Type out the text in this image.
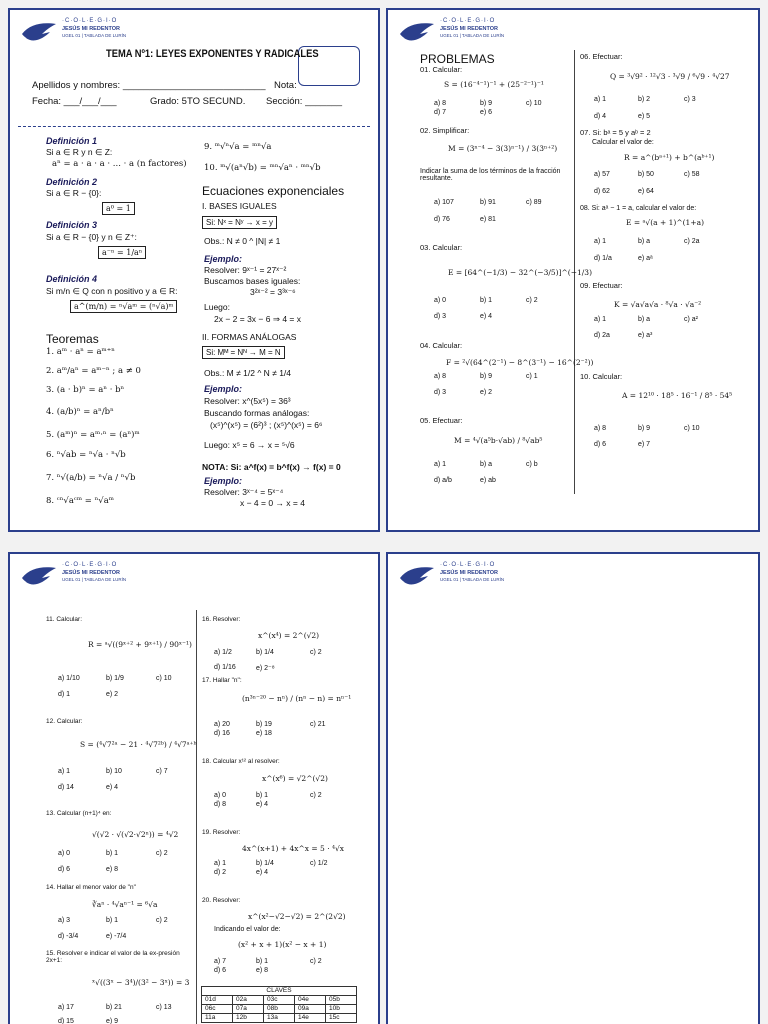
·C·O·L·E·G·I·O
JESÚS MI REDENTOR
UGEL 01 | TABLADA DE LURÍN
TEMA Nº1: LEYES EXPONENTES Y RADICALES
Apellidos y nombres: ___________________________ Nota:
Fecha: ___/___/___	Grado: 5TO SECUND. Sección: _______
Definición 1
Si a ∈ R y n ∈ Z:
aⁿ = a · a · a · ... · a (n factores)
Definición 2
Si a ∈ R − {0}:
a⁰ = 1
Definición 3
Si a ∈ R − {0} y n ∈ Z⁺:
a⁻ⁿ = 1/aⁿ
Definición 4
Si m/n ∈ Q con n positivo y a ∈ R:
a^(m/n) = ⁿ√aᵐ = (ⁿ√a)ᵐ
Teoremas
1. aᵐ · aⁿ = aᵐ⁺ⁿ
2. aᵐ/aⁿ = aᵐ⁻ⁿ ; a ≠ 0
3. (a · b)ⁿ = aⁿ · bⁿ
4. (a/b)ⁿ = aⁿ/bⁿ
5. (aᵐ)ⁿ = aᵐ·ⁿ = (aⁿ)ᵐ
6. ⁿ√ab = ⁿ√a · ⁿ√b
7. ⁿ√(a/b) = ⁿ√a / ⁿ√b
8. ᶜⁿ√aᶜᵐ = ⁿ√aᵐ
9. ᵐ√ⁿ√a = ᵐⁿ√a
10. ᵐ√(aⁿ√b) = ᵐⁿ√aⁿ · ᵐⁿ√b
Ecuaciones exponenciales
I. BASES IGUALES
Si: Nˣ = Nʸ → x = y
Obs.: N ≠ 0 ^ |N| ≠ 1
Ejemplo:
Resolver: 9ˣ⁻¹ = 27ˣ⁻²
Buscamos bases iguales:
3²ˣ⁻² = 3³ˣ⁻⁶
Luego:
2x − 2 = 3x − 6 ⇒ 4 = x
II. FORMAS ANÁLOGAS
Si: Mᴹ = Nᴺ → M = N
Obs.: M ≠ 1/2 ^ N ≠ 1/4
Ejemplo:
Resolver: x^(5x⁵) = 36³
Buscando formas análogas:
(x⁵)^(x⁵) = (6²)³ ; (x⁵)^(x⁵) = 6⁶
Luego: x⁵ = 6 → x = ⁵√6
NOTA: Si: a^f(x) = b^f(x) → f(x) = 0
Ejemplo:
Resolver: 3ˣ⁻⁴ = 5ˣ⁻⁴
x − 4 = 0 → x = 4
·C·O·L·E·G·I·O
JESÚS MI REDENTOR
UGEL 01 | TABLADA DE LURÍN
PROBLEMAS
01. Calcular:
S = (16⁻⁴⁻¹)⁻¹ + (25⁻²⁻¹)⁻¹
a) 8	b) 9	c) 10
d) 7	e) 6
02. Simplificar:
M = (3ⁿ⁻⁴ − 3(3)ⁿ⁻¹) / 3(3ⁿ⁺²)
Indicar la suma de los términos de la fracción resultante.
a) 107	b) 91	c) 89
d) 76	e) 81
03. Calcular:
E = [64^(−1/3) − 32^(−3/5)]^(−1/3)
a) 0	b) 1	c) 2
d) 3	e) 4
04. Calcular:
F = ²√(64^(2⁻¹) − 8^(3⁻¹) − 16^(2⁻²))
a) 8	b) 9	c) 1
d) 3	e) 2
05. Efectuar:
M = ⁴√(a⁵b·√ab) / ⁸√ab⁵
a) 1	b) a	c) b
d) a/b	e) ab
06. Efectuar:
Q = ³√9² · ¹²√3 · ³√9 / ⁶√9 · ⁴√27
a) 1	b) 2	c) 3
d) 4	e) 5
07. Si: bᵃ = 5 y aᵇ = 2
Calcular el valor de:
R = a^(bᵃ⁺¹) + b^(aᵇ⁺¹)
a) 57	b) 50	c) 58
d) 62	e) 64
08. Si: aᵃ − 1 = a, calcular el valor de:
E = ᵃ√(a + 1)^(1+a)
a) 1	b) a	c) 2a
d) 1/a	e) aᵃ
09. Efectuar:
K = √a√a√a · ⁸√a · √a⁻²
a) 1	b) a	c) a²
d) 2a	e) a³
10. Calcular:
A = 12¹⁰ · 18⁵ · 16⁻¹ / 8⁵ · 54⁵
a) 8	b) 9	c) 10
d) 6	e) 7
·C·O·L·E·G·I·O
JESÚS MI REDENTOR
UGEL 01 | TABLADA DE LURÍN
11. Calcular:
R = ᵃ√((9ˣ⁺² + 9ˣ⁺¹) / 90ˣ⁻¹)
a) 1/10	b) 1/9	c) 10
d) 1	e) 2
12. Calcular:
S = (⁴√7²ᵃ − 21 · ⁴√7²ᵇ) / ⁴√7ᵃ⁺ᵇ
a) 1	b) 10	c) 7
d) 14	e) 4
13. Calcular (n+1)⁴ en:
√(√2 · √(√2·√2ⁿ)) = ⁴√2
a) 0	b) 1	c) 2
d) 6	e) 8
14. Hallar el menor valor de "n"
∛aⁿ · ⁴√aⁿ⁻¹ = ⁶√a
a) 3	b) 1	c) 2
d) -3/4	e) -7/4
15. Resolver e indicar el valor de la ex-presión 2x+1:
ˣ√((3ˣ − 3⁴)/(3² − 3ˣ)) = 3
a) 17	b) 21	c) 13
d) 15	e) 9
16. Resolver:
x^(x⁴) = 2^(√2)
a) 1/2	b) 1/4	c) 2
d) 1/16	e) 2⁻⁸
17. Hallar "n":
(n³ⁿ⁻²⁰ − nⁿ) / (nⁿ − n) = nⁿ⁻¹
a) 20	b) 19	c) 21
d) 16	e) 18
18. Calcular x¹² al resolver:
x^(x⁶) = √2^(√2)
a) 0	b) 1	c) 2
d) 8	e) 4
19. Resolver:
4x^(x+1) + 4x^x = 5 · ⁴√x
a) 1	b) 1/4	c) 1/2
d) 2	e) 4
20. Resolver:
x^(x²−√2−√2) = 2^(2√2)
Indicando el valor de:
(x² + x + 1)(x² − x + 1)
a) 7	b) 1	c) 2
d) 6	e) 8
CLAVES				
01d	02a	03c	04e	05b
06c	07a	08b	09a	10b
11a	12b	13a	14e	15c
·C·O·L·E·G·I·O
JESÚS MI REDENTOR
UGEL 01 | TABLADA DE LURÍN
